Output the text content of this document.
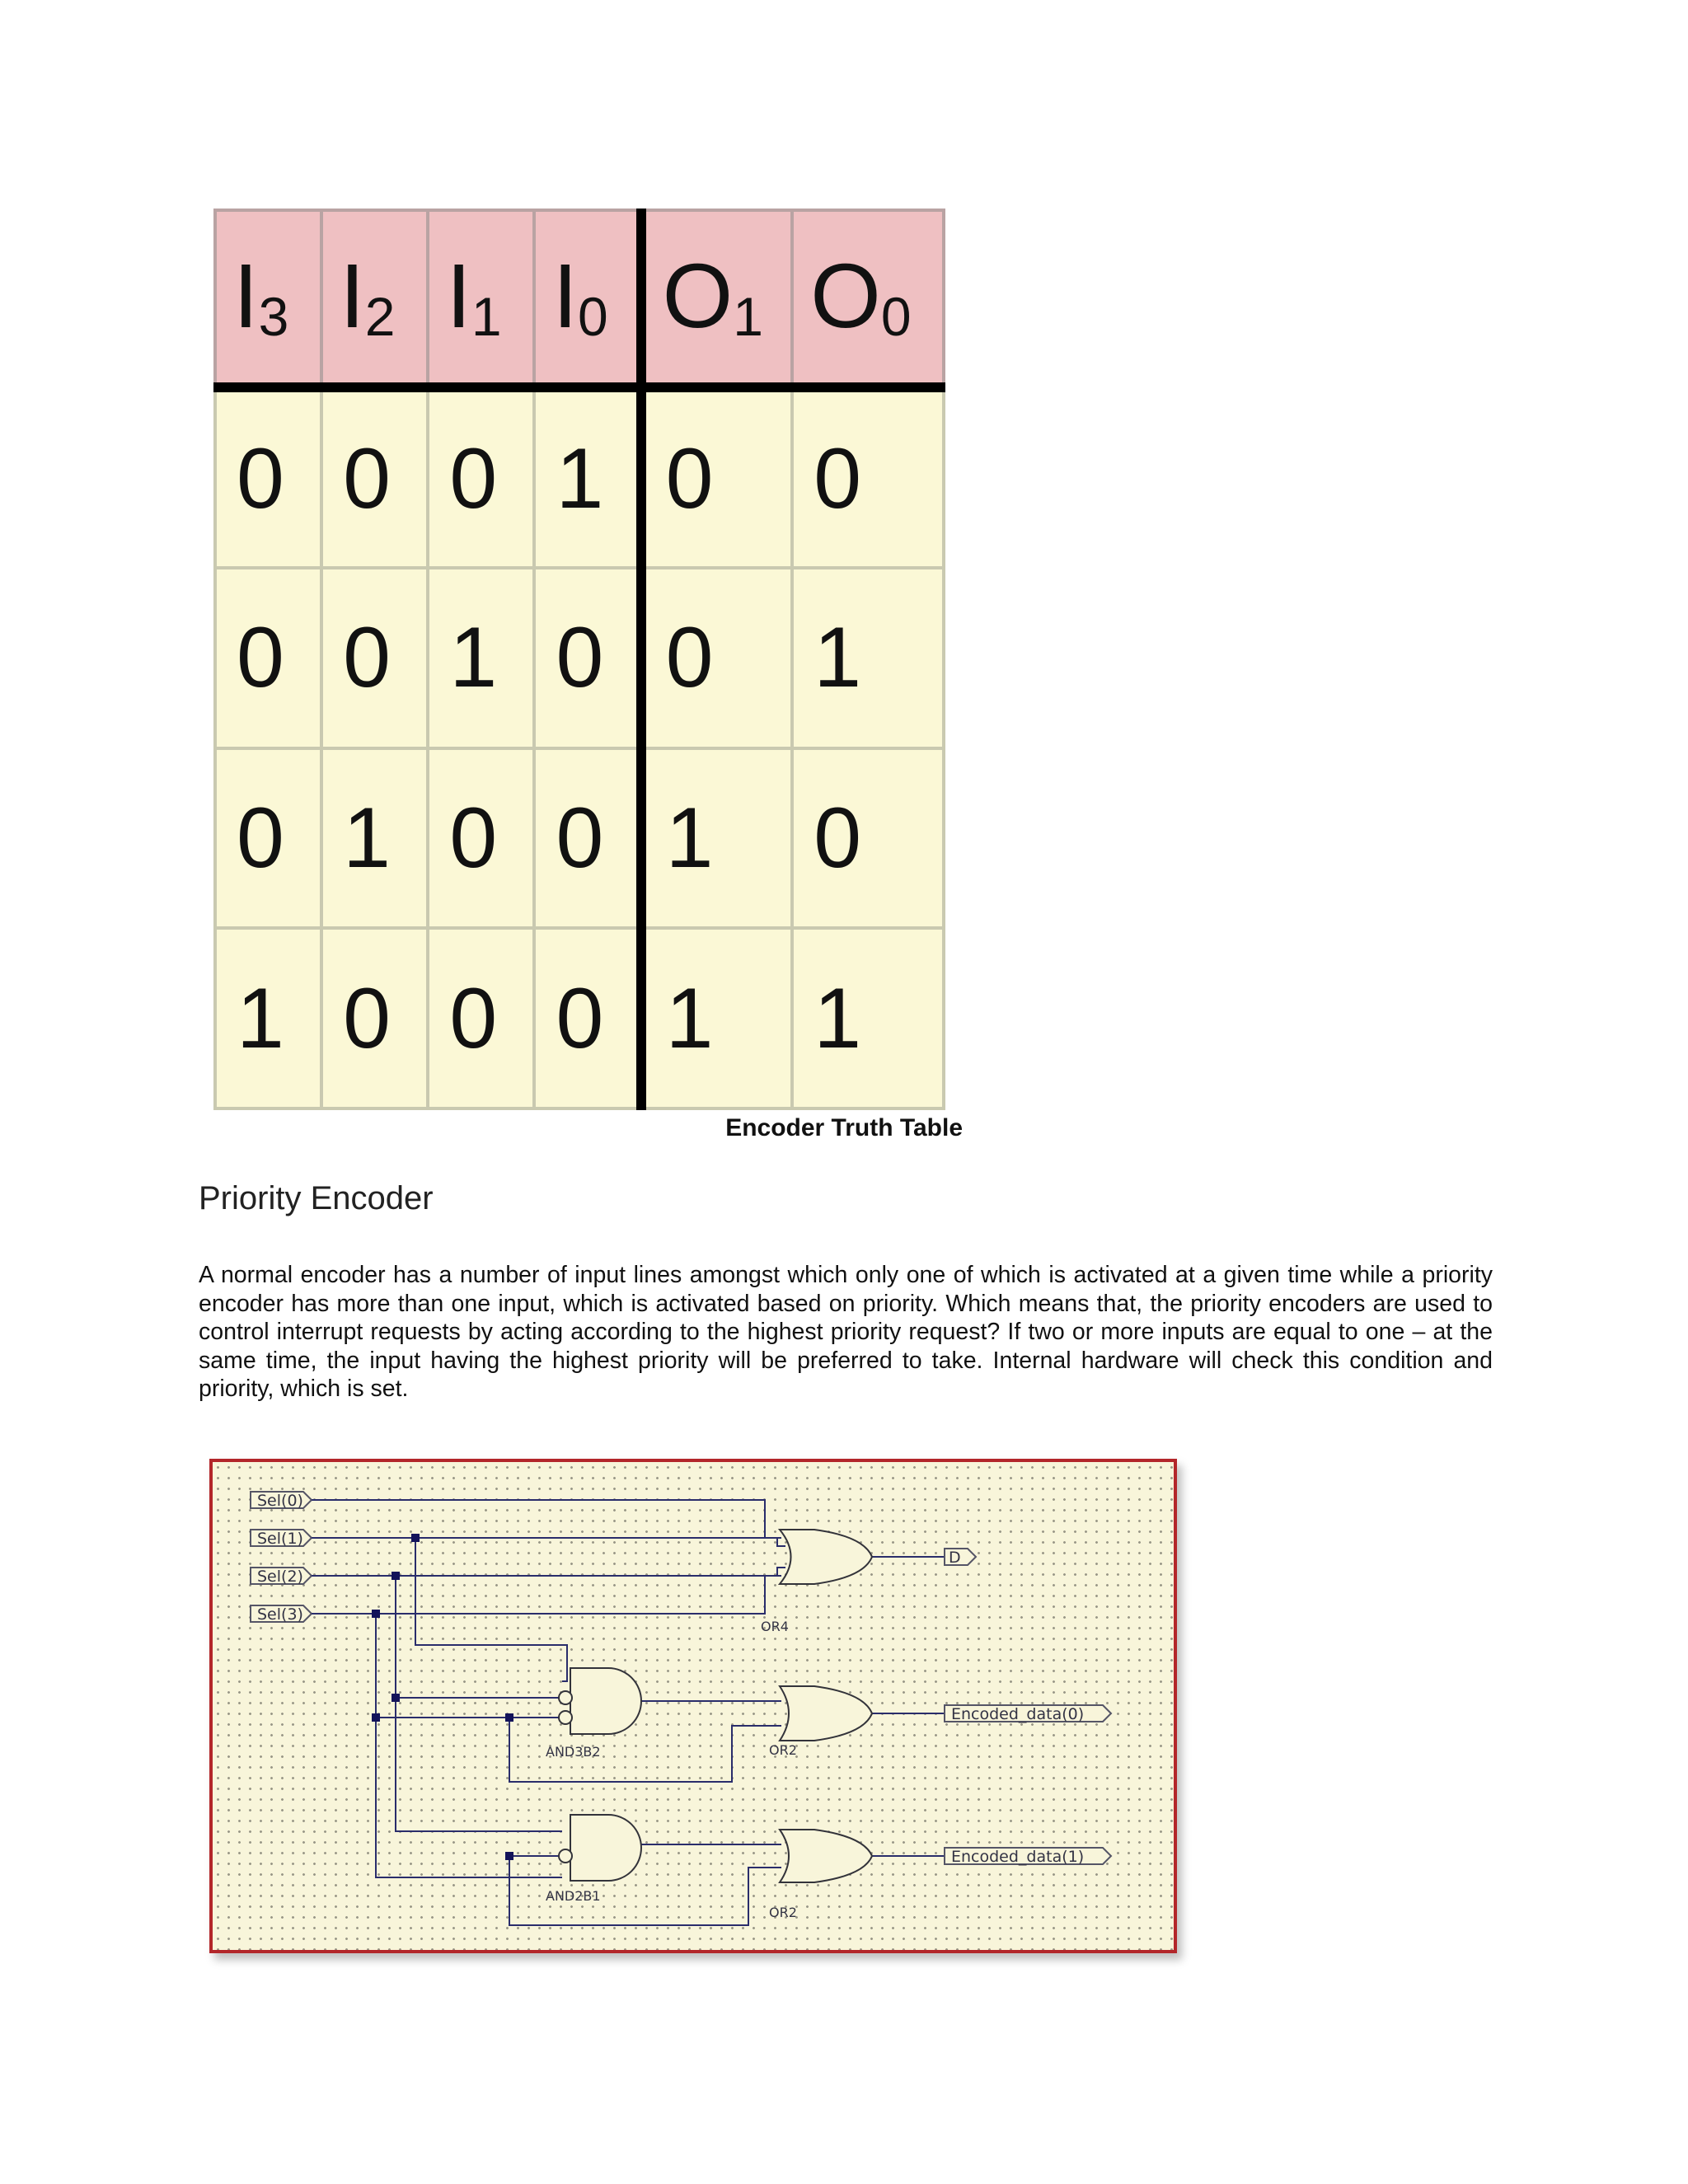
$I_3$	$I_2$	$I_1$	$I_0$	$O_1$	$O_0$
0	0	0	1	0	0
0	0	1	0	0	1
0	1	0	0	1	0
1	0	0	0	1	1
Encoder Truth Table
Priority Encoder

A normal encoder has a number of input lines amongst which only one of which is activated at a given time while a priority encoder has more than one input, which is activated based on priority. Which means that, the priority encoders are used to control interrupt requests by acting according to the highest priority request? If two or more inputs are equal to one – at the same time, the input having the highest priority will be preferred to take. Internal hardware will check this condition and priority, which is set.

Sel(0)
Sel(1)
Sel(2)
Sel(3)
OR4
AND3B2	OR2
AND2B1
OR2
D
Encoded_data(0)
Encoded_data(1)
